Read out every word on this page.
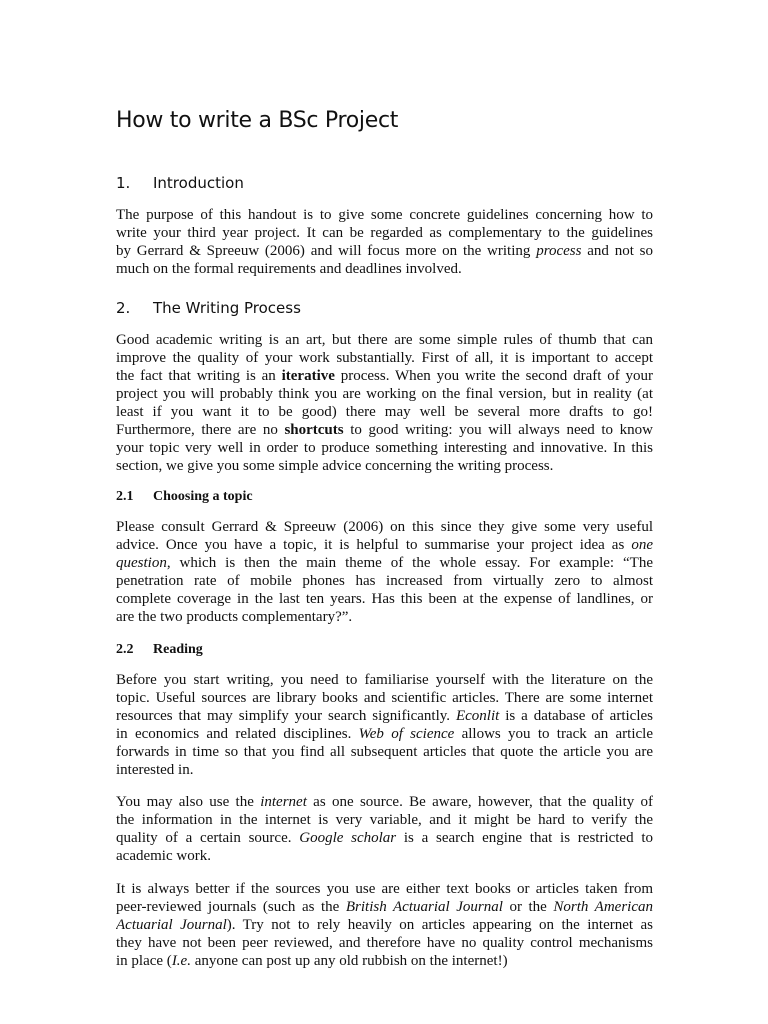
How to write a BSc Project
1. Introduction
The purpose of this handout is to give some concrete guidelines concerning how to
write your third year project. It can be regarded as complementary to the guidelines
by Gerrard & Spreeuw (2006) and will focus more on the writing process and not so
much on the formal requirements and deadlines involved.
2. The Writing Process
Good academic writing is an art, but there are some simple rules of thumb that can
improve the quality of your work substantially. First of all, it is important to accept
the fact that writing is an iterative process. When you write the second draft of your
project you will probably think you are working on the final version, but in reality (at
least if you want it to be good) there may well be several more drafts to go!
Furthermore, there are no shortcuts to good writing: you will always need to know
your topic very well in order to produce something interesting and innovative. In this
section, we give you some simple advice concerning the writing process.
2.1 Choosing a topic
Please consult Gerrard & Spreeuw (2006) on this since they give some very useful
advice. Once you have a topic, it is helpful to summarise your project idea as one
question, which is then the main theme of the whole essay. For example: “The
penetration rate of mobile phones has increased from virtually zero to almost
complete coverage in the last ten years. Has this been at the expense of landlines, or
are the two products complementary?”.
2.2 Reading
Before you start writing, you need to familiarise yourself with the literature on the
topic. Useful sources are library books and scientific articles. There are some internet
resources that may simplify your search significantly. Econlit is a database of articles
in economics and related disciplines. Web of science allows you to track an article
forwards in time so that you find all subsequent articles that quote the article you are
interested in.
You may also use the internet as one source. Be aware, however, that the quality of
the information in the internet is very variable, and it might be hard to verify the
quality of a certain source. Google scholar is a search engine that is restricted to
academic work.
It is always better if the sources you use are either text books or articles taken from
peer-reviewed journals (such as the British Actuarial Journal or the North American
Actuarial Journal). Try not to rely heavily on articles appearing on the internet as
they have not been peer reviewed, and therefore have no quality control mechanisms
in place (I.e. anyone can post up any old rubbish on the internet!)
